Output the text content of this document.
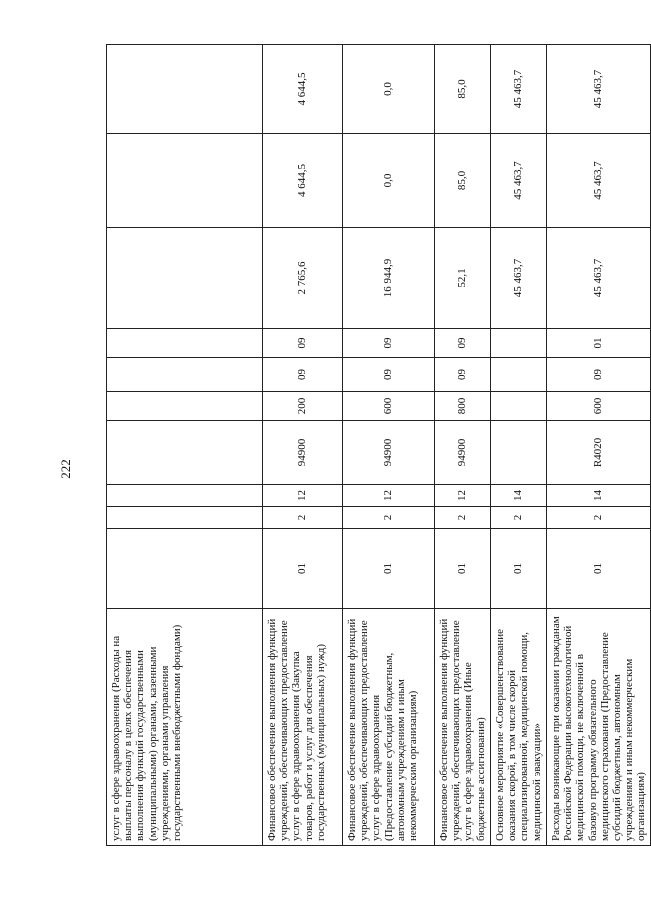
222
услуг в сфере здравоохранения (Расходы на выплаты персоналу в целях обеспечения выполнения функций государственными (муниципальными) органами, казенными учреждениями, органами управления государственными внебюджетными фондами)										
Финансовое обеспечение выполнения функций учреждений, обеспечивающих предоставление услуг в сфере здравоохранения (Закупка товаров, работ и услуг для обеспечения государственных (муниципальных) нужд)	01	2	12	94900	200	09	09	2 765,6	4 644,5	4 644,5
Финансовое обеспечение выполнения функций учреждений, обеспечивающих предоставление услуг в сфере здравоохранения (Предоставление субсидий бюджетным, автономным учреждениям и иным некоммерческим организациям)	01	2	12	94900	600	09	09	16 944,9	0,0	0,0
Финансовое обеспечение выполнения функций учреждений, обеспечивающих предоставление услуг в сфере здравоохранения (Иные бюджетные ассигнования)	01	2	12	94900	800	09	09	52,1	85,0	85,0
Основное мероприятие «Совершенствование оказания скорой, в том числе скорой специализированной, медицинской помощи, медицинской эвакуации»	01	2	14					45 463,7	45 463,7	45 463,7
Расходы возникающие при оказании гражданам Российской Федерации высокотехнологичной медицинской помощи, не включенной в базовую программу обязательного медицинского страхования (Предоставление субсидий бюджетным, автономным учреждениям и иным некоммерческим организациям)	01	2	14	R4020	600	09	01	45 463,7	45 463,7	45 463,7
